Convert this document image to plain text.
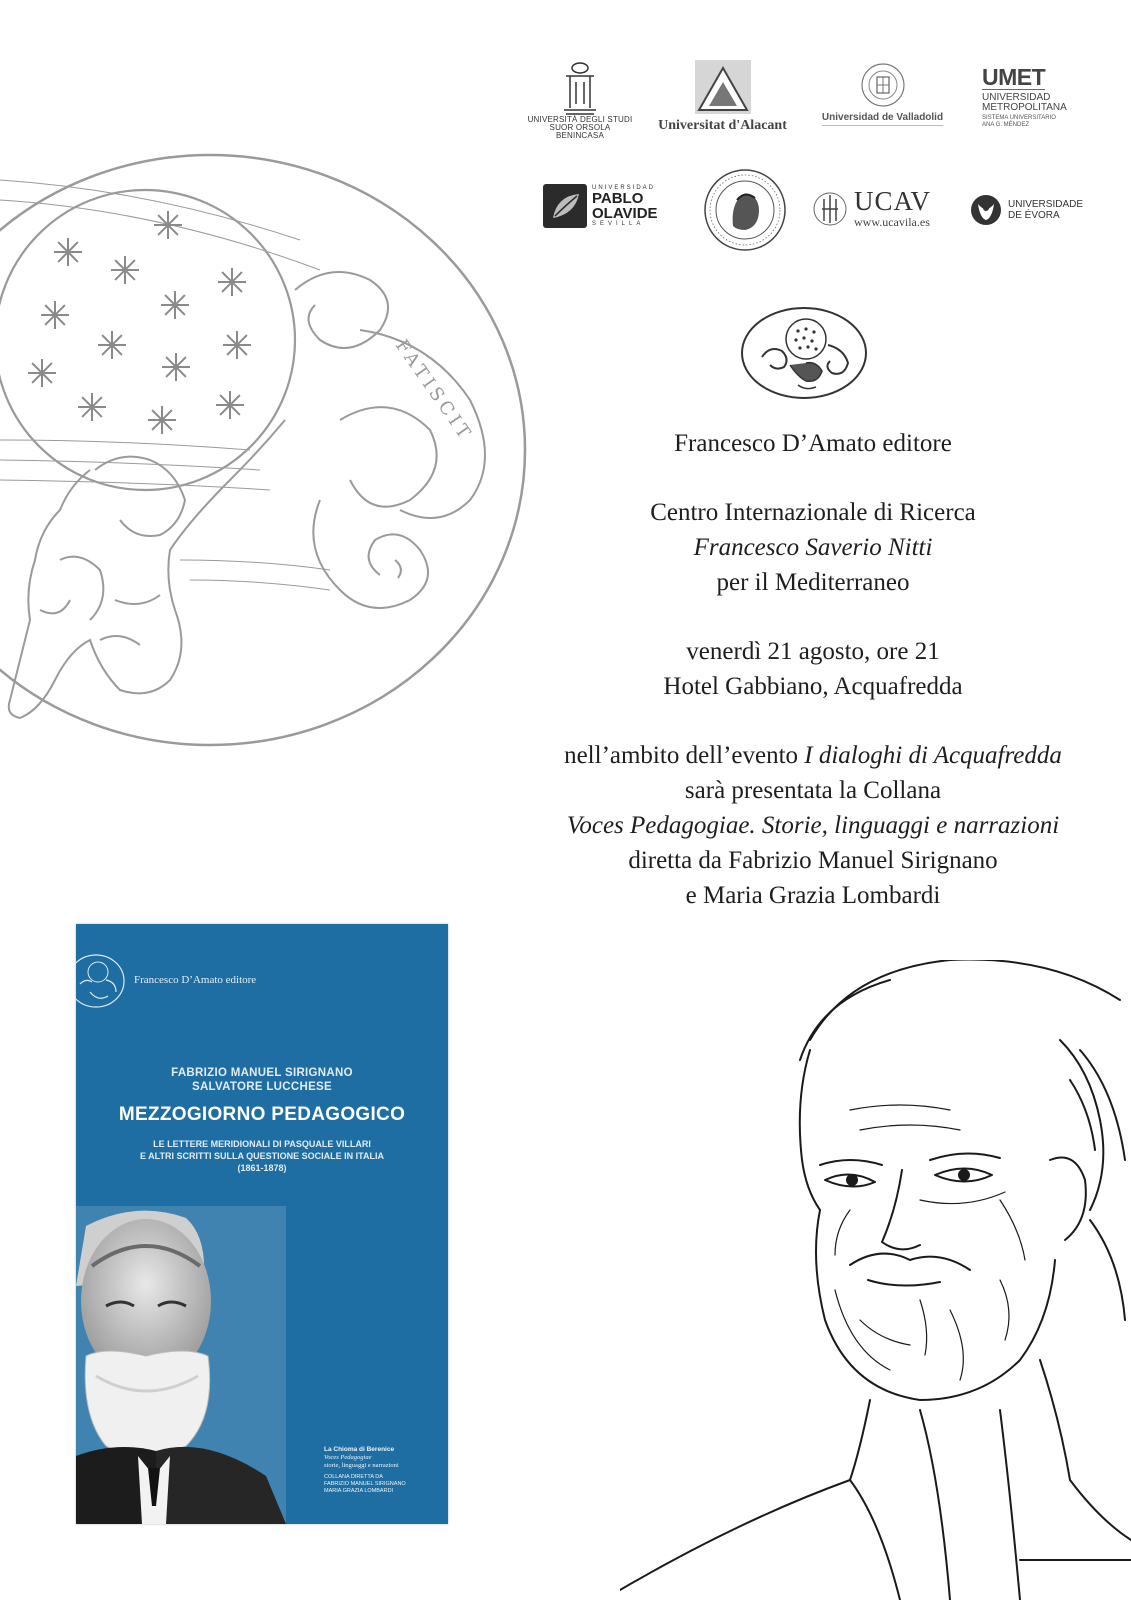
FATISCIT
UNIVERSITÀ DEGLI STUDI
SUOR ORSOLA
BENINCASA
Universitat d'Alacant
Universidad de Valladolid
UMET
UNIVERSIDAD
METROPOLITANA
SISTEMA UNIVERSITARIO
ANA G. MÉNDEZ
UNIVERSIDAD
PABLO
OLAVIDE
SEVILLA
UCAV
www.ucavila.es
UNIVERSIDADE
DE ÉVORA
Francesco D’Amato editore
Centro Internazionale di Ricerca
Francesco Saverio Nitti
per il Mediterraneo
venerdì 21 agosto, ore 21
Hotel Gabbiano, Acquafredda
nell’ambito dell’evento I dialoghi di Acquafredda
sarà presentata la Collana
Voces Pedagogiae. Storie, linguaggi e narrazioni
diretta da Fabrizio Manuel Sirignano
e Maria Grazia Lombardi
Francesco D’Amato editore
FABRIZIO MANUEL SIRIGNANO
SALVATORE LUCCHESE
MEZZOGIORNO PEDAGOGICO
LE LETTERE MERIDIONALI DI PASQUALE VILLARI
E ALTRI SCRITTI SULLA QUESTIONE SOCIALE IN ITALIA
(1861-1878)
La Chioma di Berenice
Voces Pedagogiae
storie, linguaggi e narrazioni
COLLANA DIRETTA DA
FABRIZIO MANUEL SIRIGNANO
MARIA GRAZIA LOMBARDI
